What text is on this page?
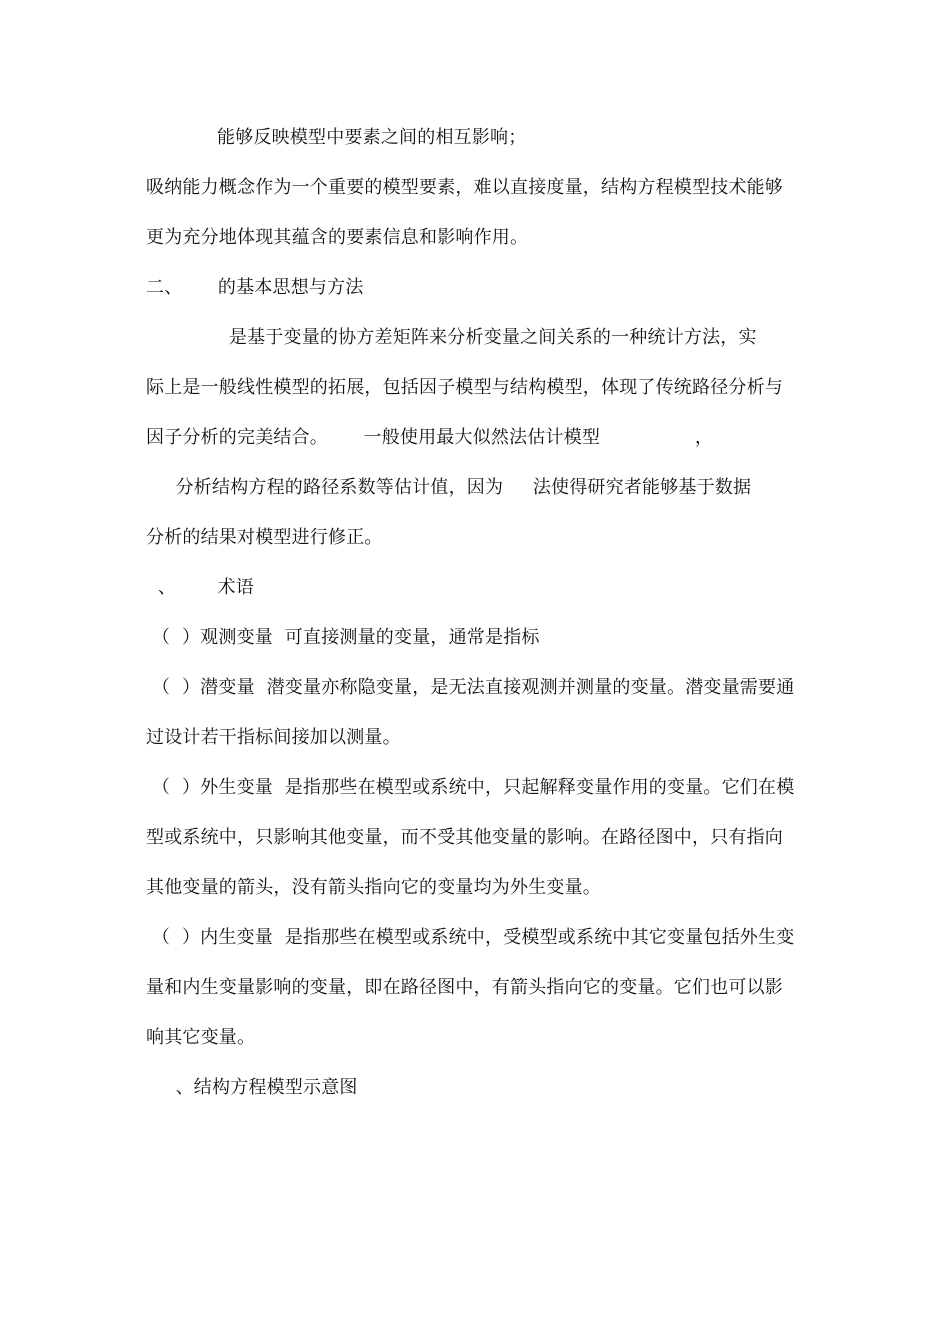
能够反映模型中要素之间的相互影响；
吸纳能力概念作为一个重要的模型要素，难以直接度量，结构方程模型技术能够
更为充分地体现其蕴含的要素信息和影响作用。
二、      的基本思想与方法
是基于变量的协方差矩阵来分析变量之间关系的一种统计方法，实
际上是一般线性模型的拓展，包括因子模型与结构模型，体现了传统路径分析与
因子分析的完美结合。      一般使用最大似然法估计模型                ，
分析结构方程的路径系数等估计值，因为     法使得研究者能够基于数据
分析的结果对模型进行修正。
、       术语
（  ）观测变量  可直接测量的变量，通常是指标
（  ）潜变量  潜变量亦称隐变量，是无法直接观测并测量的变量。潜变量需要通
过设计若干指标间接加以测量。
（  ）外生变量  是指那些在模型或系统中，只起解释变量作用的变量。它们在模
型或系统中，只影响其他变量，而不受其他变量的影响。在路径图中，只有指向
其他变量的箭头，没有箭头指向它的变量均为外生变量。
（  ）内生变量  是指那些在模型或系统中，受模型或系统中其它变量包括外生变
量和内生变量影响的变量，即在路径图中，有箭头指向它的变量。它们也可以影
响其它变量。
、结构方程模型示意图
